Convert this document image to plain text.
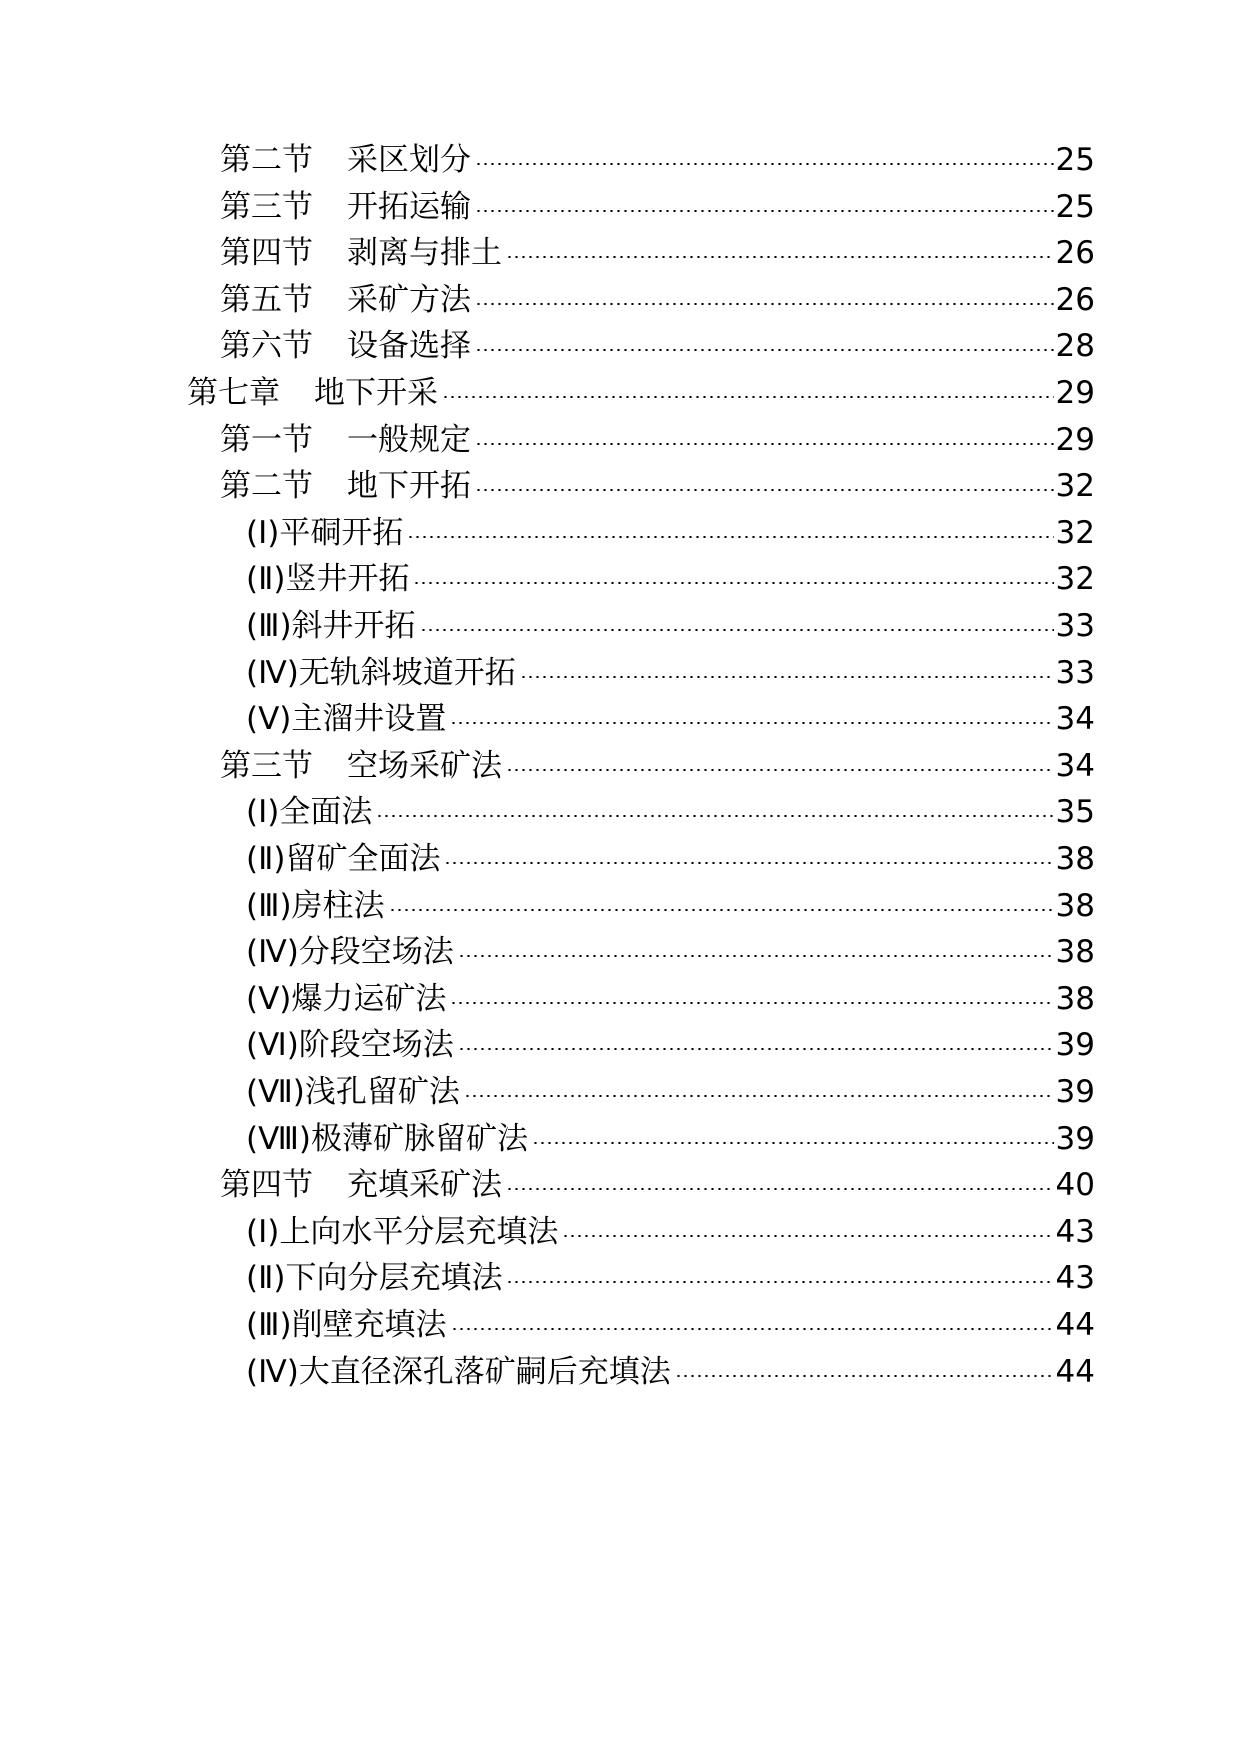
第二节 采区划分	25
第三节 开拓运输	25
第四节 剥离与排土	26
第五节 采矿方法	26
第六节 设备选择	28
第七章 地下开采	29
第一节 一般规定	29
第二节 地下开拓	32
(Ⅰ)平硐开拓	32
(Ⅱ)竖井开拓	32
(Ⅲ)斜井开拓	33
(Ⅳ)无轨斜坡道开拓	33
(Ⅴ)主溜井设置	34
第三节 空场采矿法	34
(Ⅰ)全面法	35
(Ⅱ)留矿全面法	38
(Ⅲ)房柱法	38
(Ⅳ)分段空场法	38
(Ⅴ)爆力运矿法	38
(Ⅵ)阶段空场法	39
(Ⅶ)浅孔留矿法	39
(Ⅷ)极薄矿脉留矿法	39
第四节 充填采矿法	40
(Ⅰ)上向水平分层充填法	43
(Ⅱ)下向分层充填法	43
(Ⅲ)削壁充填法	44
(Ⅳ)大直径深孔落矿嗣后充填法	44
